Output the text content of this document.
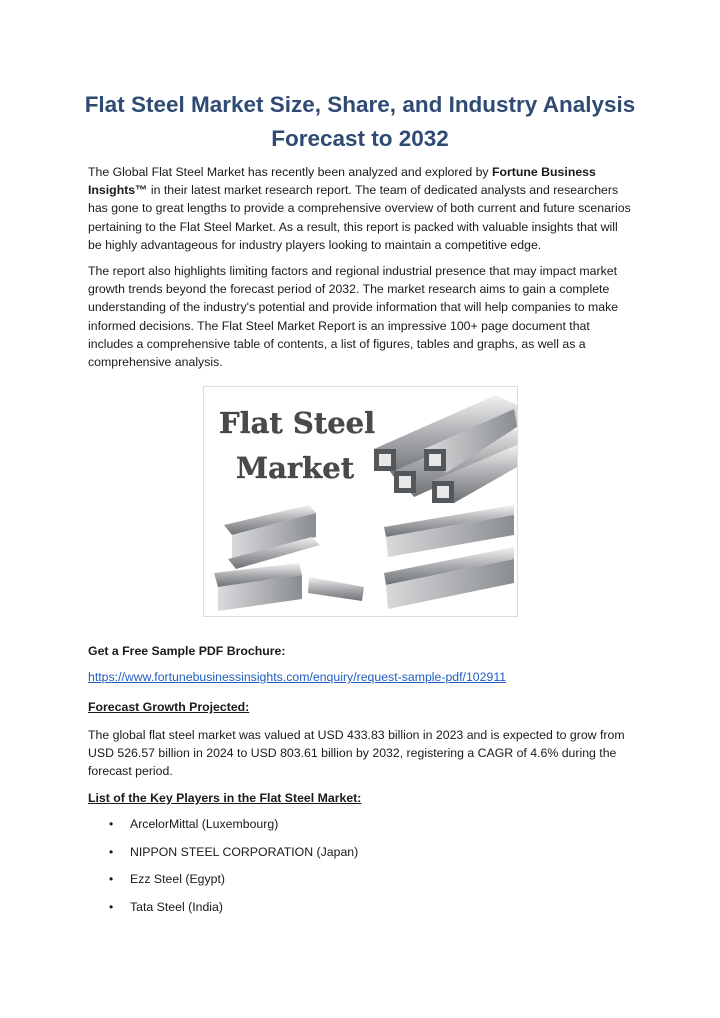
Flat Steel Market Size, Share, and Industry Analysis Forecast to 2032

The Global Flat Steel Market has recently been analyzed and explored by Fortune Business Insights™ in their latest market research report. The team of dedicated analysts and researchers has gone to great lengths to provide a comprehensive overview of both current and future scenarios pertaining to the Flat Steel Market. As a result, this report is packed with valuable insights that will be highly advantageous for industry players looking to maintain a competitive edge.

The report also highlights limiting factors and regional industrial presence that may impact market growth trends beyond the forecast period of 2032. The market research aims to gain a complete understanding of the industry's potential and provide information that will help companies to make informed decisions. The Flat Steel Market Report is an impressive 100+ page document that includes a comprehensive table of contents, a list of figures, tables and graphs, as well as a comprehensive analysis.

Flat Steel
Market
Get a Free Sample PDF Brochure:
https://www.fortunebusinessinsights.com/enquiry/request-sample-pdf/102911
Forecast Growth Projected:

The global flat steel market was valued at USD 433.83 billion in 2023 and is expected to grow from USD 526.57 billion in 2024 to USD 803.61 billion by 2032, registering a CAGR of 4.6% during the forecast period.

List of the Key Players in the Flat Steel Market:
• ArcelorMittal (Luxembourg)
• NIPPON STEEL CORPORATION (Japan)
• Ezz Steel (Egypt)
• Tata Steel (India)
